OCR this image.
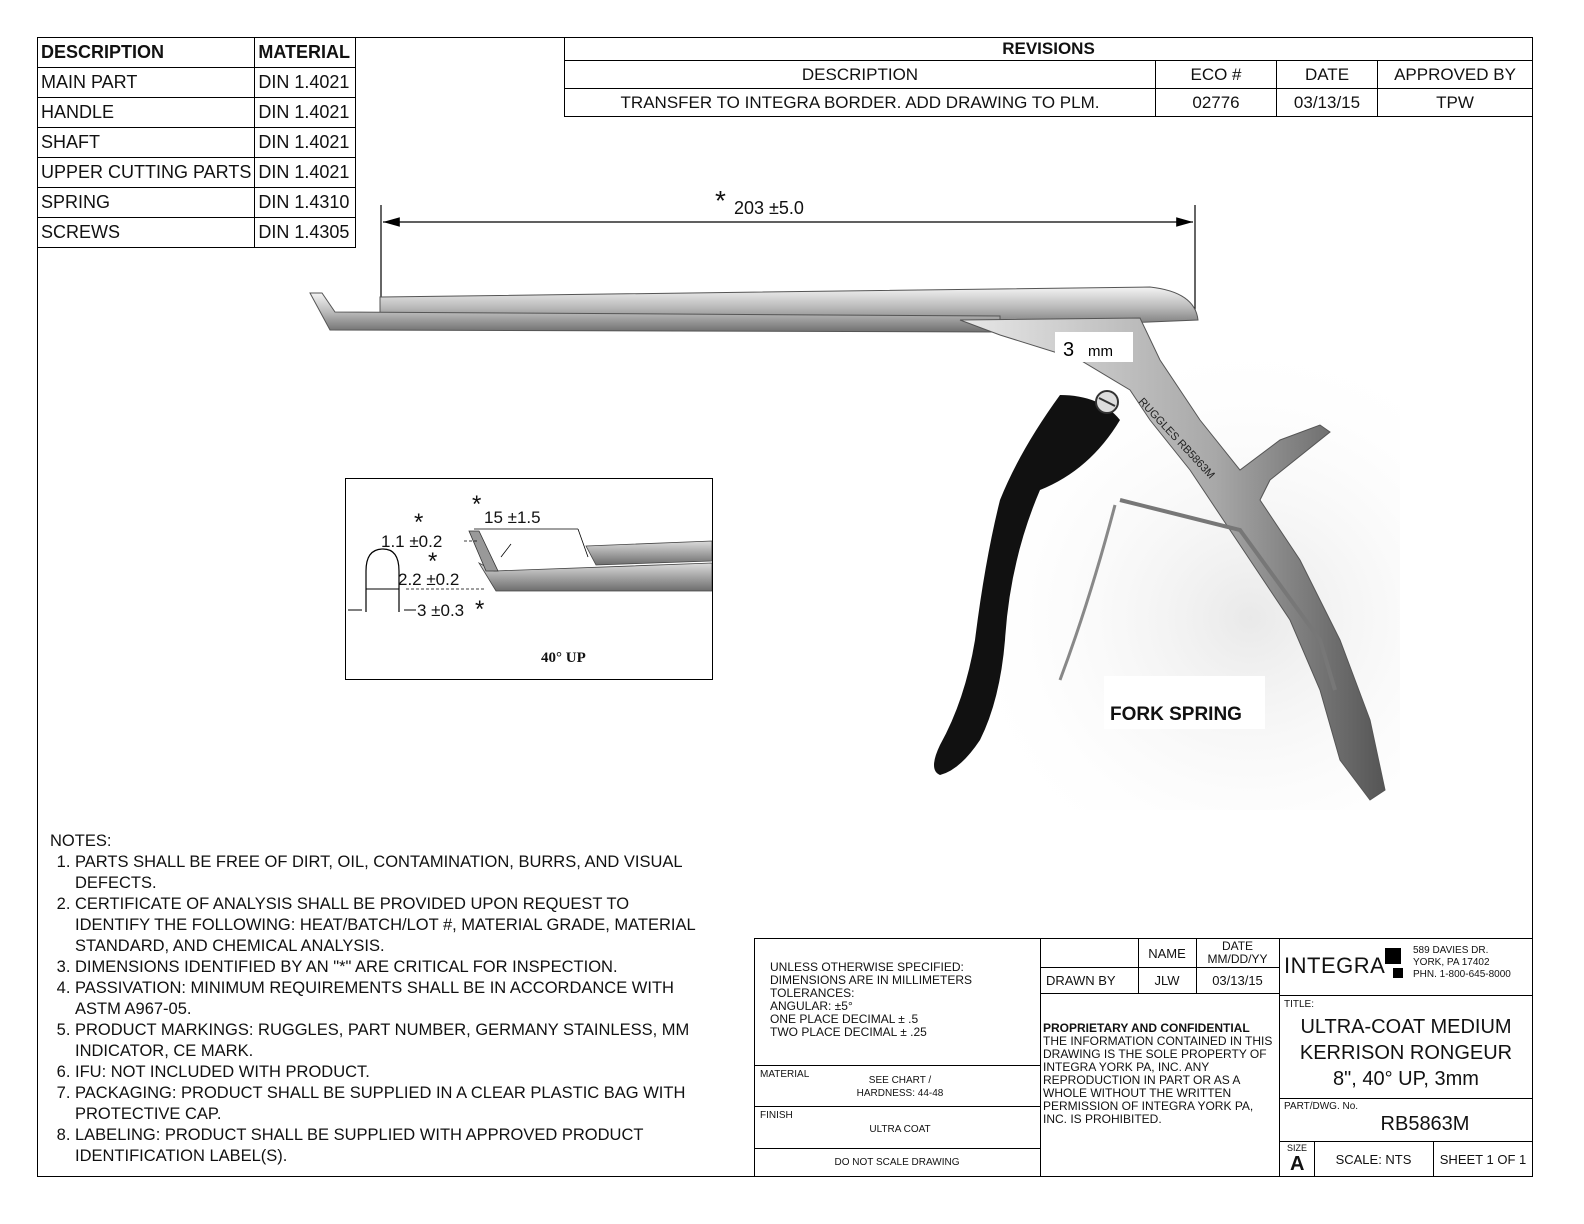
DESCRIPTION	MATERIAL
MAIN PART	DIN 1.4021
HANDLE	DIN 1.4021
SHAFT	DIN 1.4021
UPPER CUTTING PARTS	DIN 1.4021
SPRING	DIN 1.4310
SCREWS	DIN 1.4305
REVISIONS			
DESCRIPTION	ECO #	DATE	APPROVED BY
TRANSFER TO INTEGRA BORDER. ADD DRAWING TO PLM.	02776	03/13/15	TPW
3 mm
RUGGLES RB5863M
* 203 ±5.0
FORK SPRING
*
* 15 ±1.5
1.1 ±0.2
*
2.2 ±0.2
3 ±0.3 *
40° UP
NOTES:
1. PARTS SHALL BE FREE OF DIRT, OIL, CONTAMINATION, BURRS, AND VISUAL DEFECTS.
2. CERTIFICATE OF ANALYSIS SHALL BE PROVIDED UPON REQUEST TO IDENTIFY THE FOLLOWING: HEAT/BATCH/LOT #, MATERIAL GRADE, MATERIAL STANDARD, AND CHEMICAL ANALYSIS.
3. DIMENSIONS IDENTIFIED BY AN "*" ARE CRITICAL FOR INSPECTION.
4. PASSIVATION: MINIMUM REQUIREMENTS SHALL BE IN ACCORDANCE WITH ASTM A967-05.
5. PRODUCT MARKINGS: RUGGLES, PART NUMBER, GERMANY STAINLESS, MM INDICATOR, CE MARK.
6. IFU: NOT INCLUDED WITH PRODUCT.
7. PACKAGING: PRODUCT SHALL BE SUPPLIED IN A CLEAR PLASTIC BAG WITH PROTECTIVE CAP.
8. LABELING: PRODUCT SHALL BE SUPPLIED WITH APPROVED PRODUCT IDENTIFICATION LABEL(S).
UNLESS OTHERWISE SPECIFIED:
DIMENSIONS ARE IN MILLIMETERS
TOLERANCES:
ANGULAR: ±5°
ONE PLACE DECIMAL ± .5
TWO PLACE DECIMAL ± .25
MATERIAL
SEE CHART /
HARDNESS: 44-48
FINISH
ULTRA COAT
DO NOT SCALE DRAWING
NAME	DATE
MM/DD/YY
DRAWN BY	JLW	03/13/15
PROPRIETARY AND CONFIDENTIAL
THE INFORMATION CONTAINED IN THIS DRAWING IS THE SOLE PROPERTY OF INTEGRA YORK PA, INC. ANY REPRODUCTION IN PART OR AS A WHOLE WITHOUT THE WRITTEN PERMISSION OF INTEGRA YORK PA, INC. IS PROHIBITED.
INTEGRA
589 DAVIES DR.
YORK, PA 17402
PHN. 1-800-645-8000
TITLE:
ULTRA-COAT MEDIUM
KERRISON RONGEUR
8", 40° UP, 3mm
PART/DWG. No.
RB5863M
SIZE
A	SCALE: NTS	SHEET 1 OF 1
